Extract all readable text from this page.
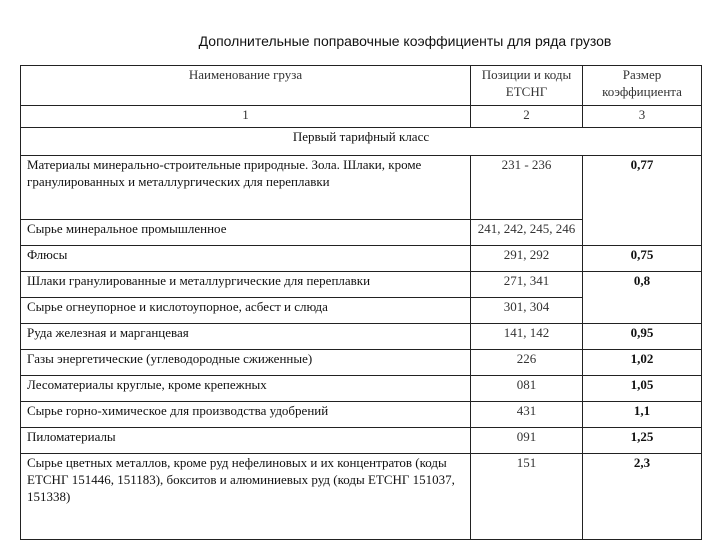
Дополнительные поправочные коэффициенты для ряда грузов
Наименование груза	Позиции и коды ЕТСНГ	Размер коэффициента
1	2	3
Первый тарифный класс		
Материалы минерально-строительные природные. Зола. Шлаки, кроме гранулированных и металлургических для переплавки	231 - 236	0,77
Сырье минеральное промышленное	241, 242, 245, 246	
Флюсы	291, 292	0,75
Шлаки гранулированные и металлургические для переплавки	271, 341	0,8
Сырье огнеупорное и кислотоупорное, асбест и слюда	301, 304	
Руда железная и марганцевая	141, 142	0,95
Газы энергетические (углеводородные сжиженные)	226	1,02
Лесоматериалы круглые, кроме крепежных	081	1,05
Сырье горно-химическое для производства удобрений	431	1,1
Пиломатериалы	091	1,25
Сырье цветных металлов, кроме руд нефелиновых и их концентратов (коды ЕТСНГ 151446, 151183), бокситов и алюминиевых руд (коды ЕТСНГ 151037, 151338)	151	2,3
